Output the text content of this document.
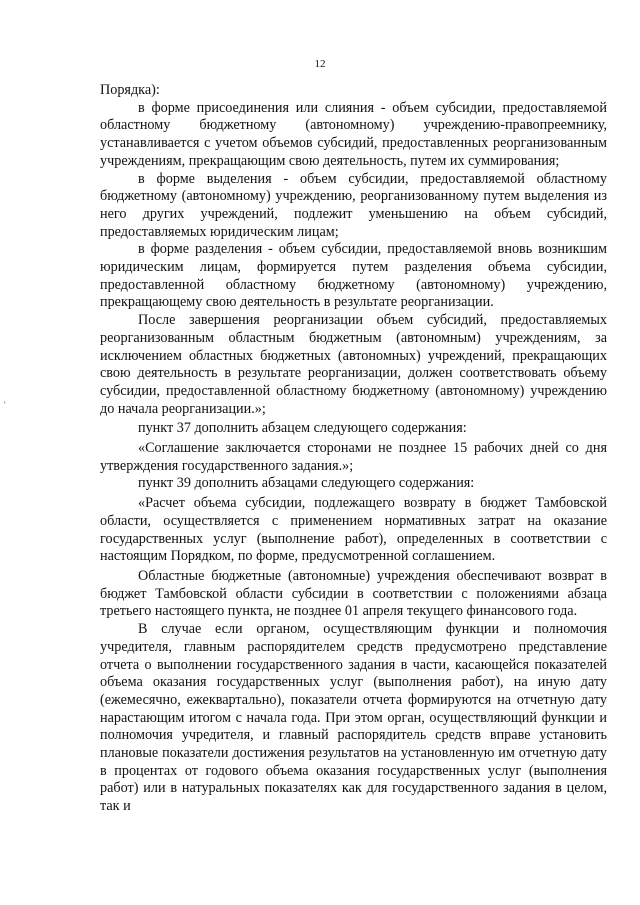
12
'

Порядка):

в форме присоединения или слияния - объем субсидии, предоставляемой областному бюджетному (автономному) учреждению-правопреемнику, устанавливается с учетом объемов субсидий, предоставленных реорганизованным учреждениям, прекращающим свою деятельность, путем их суммирования;

в форме выделения - объем субсидии, предоставляемой областному бюджетному (автономному) учреждению, реорганизованному путем выделения из него других учреждений, подлежит уменьшению на объем субсидий, предоставляемых юридическим лицам;

в форме разделения - объем субсидии, предоставляемой вновь возникшим юридическим лицам, формируется путем разделения объема субсидии, предоставленной областному бюджетному (автономному) учреждению, прекращающему свою деятельность в результате реорганизации.

После завершения реорганизации объем субсидий, предоставляемых реорганизованным областным бюджетным (автономным) учреждениям, за исключением областных бюджетных (автономных) учреждений, прекращающих свою деятельность в результате реорганизации, должен соответствовать объему субсидии, предоставленной областному бюджетному (автономному) учреждению до начала реорганизации.»;

пункт 37 дополнить абзацем следующего содержания:

«Соглашение заключается сторонами не позднее 15 рабочих дней со дня утверждения государственного задания.»;

пункт 39 дополнить абзацами следующего содержания:

«Расчет объема субсидии, подлежащего возврату в бюджет Тамбовской области, осуществляется с применением нормативных затрат на оказание государственных услуг (выполнение работ), определенных в соответствии с настоящим Порядком, по форме, предусмотренной соглашением.

Областные бюджетные (автономные) учреждения обеспечивают возврат в бюджет Тамбовской области субсидии в соответствии с положениями абзаца третьего настоящего пункта, не позднее 01 апреля текущего финансового года.

В случае если органом, осуществляющим функции и полномочия учредителя, главным распорядителем средств предусмотрено представление отчета о выполнении государственного задания в части, касающейся показателей объема оказания государственных услуг (выполнения работ), на иную дату (ежемесячно, ежеквартально), показатели отчета формируются на отчетную дату нарастающим итогом с начала года. При этом орган, осуществляющий функции и полномочия учредителя, и главный распорядитель средств вправе установить плановые показатели достижения результатов на установленную им отчетную дату в процентах от годового объема оказания государственных услуг (выполнения работ) или в натуральных показателях как для государственного задания в целом, так и
